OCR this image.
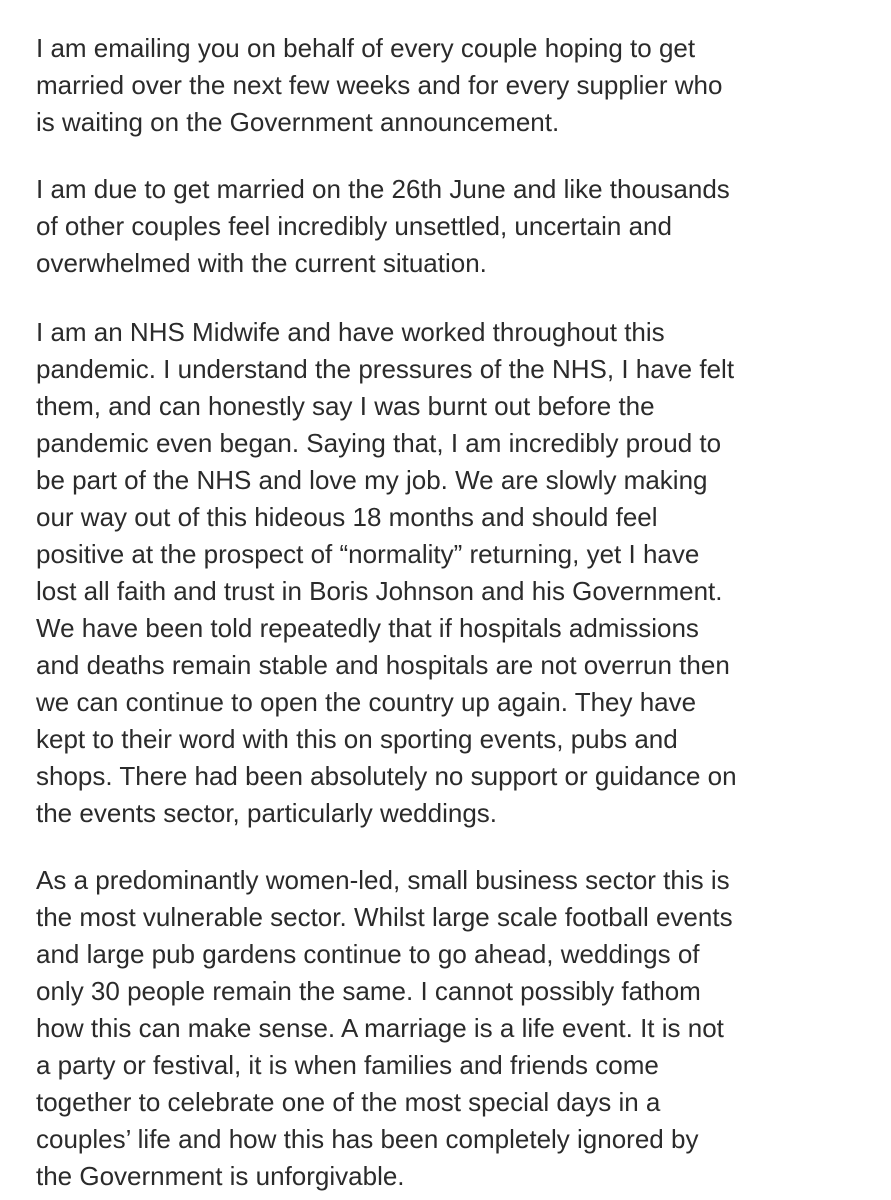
I am emailing you on behalf of every couple hoping to get
married over the next few weeks and for every supplier who
is waiting on the Government announcement.

I am due to get married on the 26th June and like thousands
of other couples feel incredibly unsettled, uncertain and
overwhelmed with the current situation.

I am an NHS Midwife and have worked throughout this
pandemic. I understand the pressures of the NHS, I have felt
them, and can honestly say I was burnt out before the
pandemic even began. Saying that, I am incredibly proud to
be part of the NHS and love my job. We are slowly making
our way out of this hideous 18 months and should feel
positive at the prospect of “normality” returning, yet I have
lost all faith and trust in Boris Johnson and his Government.
We have been told repeatedly that if hospitals admissions
and deaths remain stable and hospitals are not overrun then
we can continue to open the country up again. They have
kept to their word with this on sporting events, pubs and
shops. There had been absolutely no support or guidance on
the events sector, particularly weddings.

As a predominantly women-led, small business sector this is
the most vulnerable sector. Whilst large scale football events
and large pub gardens continue to go ahead, weddings of
only 30 people remain the same. I cannot possibly fathom
how this can make sense. A marriage is a life event. It is not
a party or festival, it is when families and friends come
together to celebrate one of the most special days in a
couples’ life and how this has been completely ignored by
the Government is unforgivable.
